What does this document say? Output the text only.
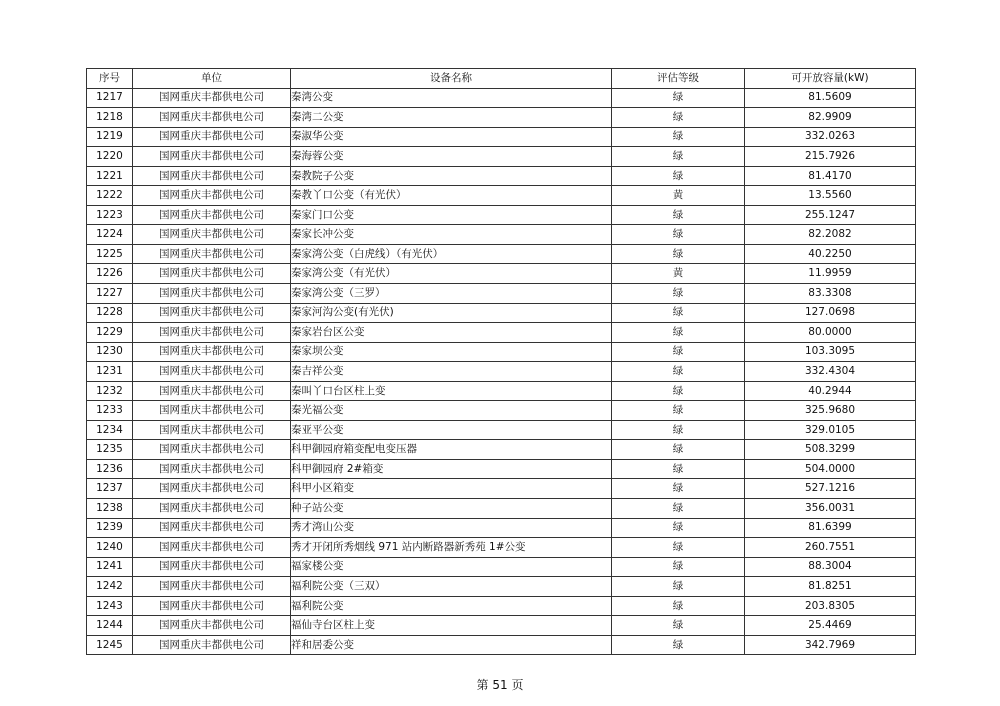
序号	单位	设备名称	评估等级	可开放容量(kW)
1217	国网重庆丰都供电公司	秦湾公变	绿	81.5609
1218	国网重庆丰都供电公司	秦湾二公变	绿	82.9909
1219	国网重庆丰都供电公司	秦淑华公变	绿	332.0263
1220	国网重庆丰都供电公司	秦海蓉公变	绿	215.7926
1221	国网重庆丰都供电公司	秦教院子公变	绿	81.4170
1222	国网重庆丰都供电公司	秦教丫口公变（有光伏）	黄	13.5560
1223	国网重庆丰都供电公司	秦家门口公变	绿	255.1247
1224	国网重庆丰都供电公司	秦家长冲公变	绿	82.2082
1225	国网重庆丰都供电公司	秦家湾公变（白虎线）（有光伏）	绿	40.2250
1226	国网重庆丰都供电公司	秦家湾公变（有光伏）	黄	11.9959
1227	国网重庆丰都供电公司	秦家湾公变（三罗）	绿	83.3308
1228	国网重庆丰都供电公司	秦家河沟公变(有光伏)	绿	127.0698
1229	国网重庆丰都供电公司	秦家岩台区公变	绿	80.0000
1230	国网重庆丰都供电公司	秦家坝公变	绿	103.3095
1231	国网重庆丰都供电公司	秦吉祥公变	绿	332.4304
1232	国网重庆丰都供电公司	秦叫丫口台区柱上变	绿	40.2944
1233	国网重庆丰都供电公司	秦光福公变	绿	325.9680
1234	国网重庆丰都供电公司	秦亚平公变	绿	329.0105
1235	国网重庆丰都供电公司	科甲御园府箱变配电变压器	绿	508.3299
1236	国网重庆丰都供电公司	科甲御园府 2#箱变	绿	504.0000
1237	国网重庆丰都供电公司	科甲小区箱变	绿	527.1216
1238	国网重庆丰都供电公司	种子站公变	绿	356.0031
1239	国网重庆丰都供电公司	秀才湾山公变	绿	81.6399
1240	国网重庆丰都供电公司	秀才开闭所秀烟线 971 站内断路器新秀苑 1#公变	绿	260.7551
1241	国网重庆丰都供电公司	福家楼公变	绿	88.3004
1242	国网重庆丰都供电公司	福利院公变（三双）	绿	81.8251
1243	国网重庆丰都供电公司	福利院公变	绿	203.8305
1244	国网重庆丰都供电公司	福仙寺台区柱上变	绿	25.4469
1245	国网重庆丰都供电公司	祥和居委公变	绿	342.7969
第 51 页
